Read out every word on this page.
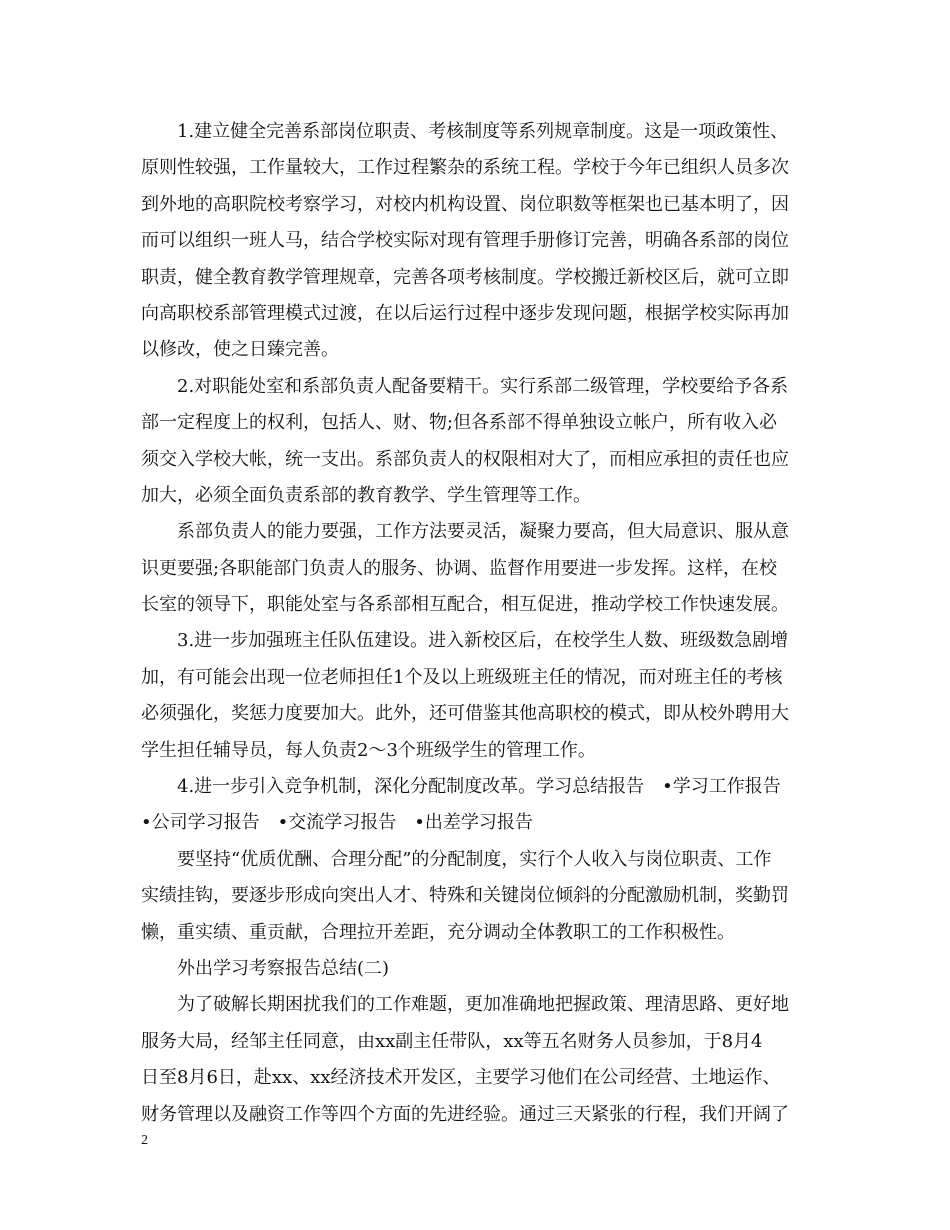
　　1.建立健全完善系部岗位职责、考核制度等系列规章制度。这是一项政策性、
原则性较强，工作量较大，工作过程繁杂的系统工程。学校于今年已组织人员多次
到外地的高职院校考察学习，对校内机构设置、岗位职数等框架也已基本明了，因
而可以组织一班人马，结合学校实际对现有管理手册修订完善，明确各系部的岗位
职责，健全教育教学管理规章，完善各项考核制度。学校搬迁新校区后，就可立即
向高职校系部管理模式过渡，在以后运行过程中逐步发现问题，根据学校实际再加
以修改，使之日臻完善。
　　2.对职能处室和系部负责人配备要精干。实行系部二级管理，学校要给予各系
部一定程度上的权利，包括人、财、物;但各系部不得单独设立帐户，所有收入必
须交入学校大帐，统一支出。系部负责人的权限相对大了，而相应承担的责任也应
加大，必须全面负责系部的教育教学、学生管理等工作。
　　系部负责人的能力要强，工作方法要灵活，凝聚力要高，但大局意识、服从意
识更要强;各职能部门负责人的服务、协调、监督作用要进一步发挥。这样，在校
长室的领导下，职能处室与各系部相互配合，相互促进，推动学校工作快速发展。
　　3.进一步加强班主任队伍建设。进入新校区后，在校学生人数、班级数急剧增
加，有可能会出现一位老师担任1个及以上班级班主任的情况，而对班主任的考核
必须强化，奖惩力度要加大。此外，还可借鉴其他高职校的模式，即从校外聘用大
学生担任辅导员，每人负责2～3个班级学生的管理工作。
　　4.进一步引入竞争机制，深化分配制度改革。学习总结报告　•学习工作报告
•公司学习报告　•交流学习报告　•出差学习报告
　　要坚持“优质优酬、合理分配”的分配制度，实行个人收入与岗位职责、工作
实绩挂钩，要逐步形成向突出人才、特殊和关键岗位倾斜的分配激励机制，奖勤罚
懒，重实绩、重贡献，合理拉开差距，充分调动全体教职工的工作积极性。
　　外出学习考察报告总结(二)
　　为了破解长期困扰我们的工作难题，更加准确地把握政策、理清思路、更好地
服务大局，经邹主任同意，由xx副主任带队，xx等五名财务人员参加，于8月4
日至8月6日，赴xx、xx经济技术开发区，主要学习他们在公司经营、土地运作、
财务管理以及融资工作等四个方面的先进经验。通过三天紧张的行程，我们开阔了
2
